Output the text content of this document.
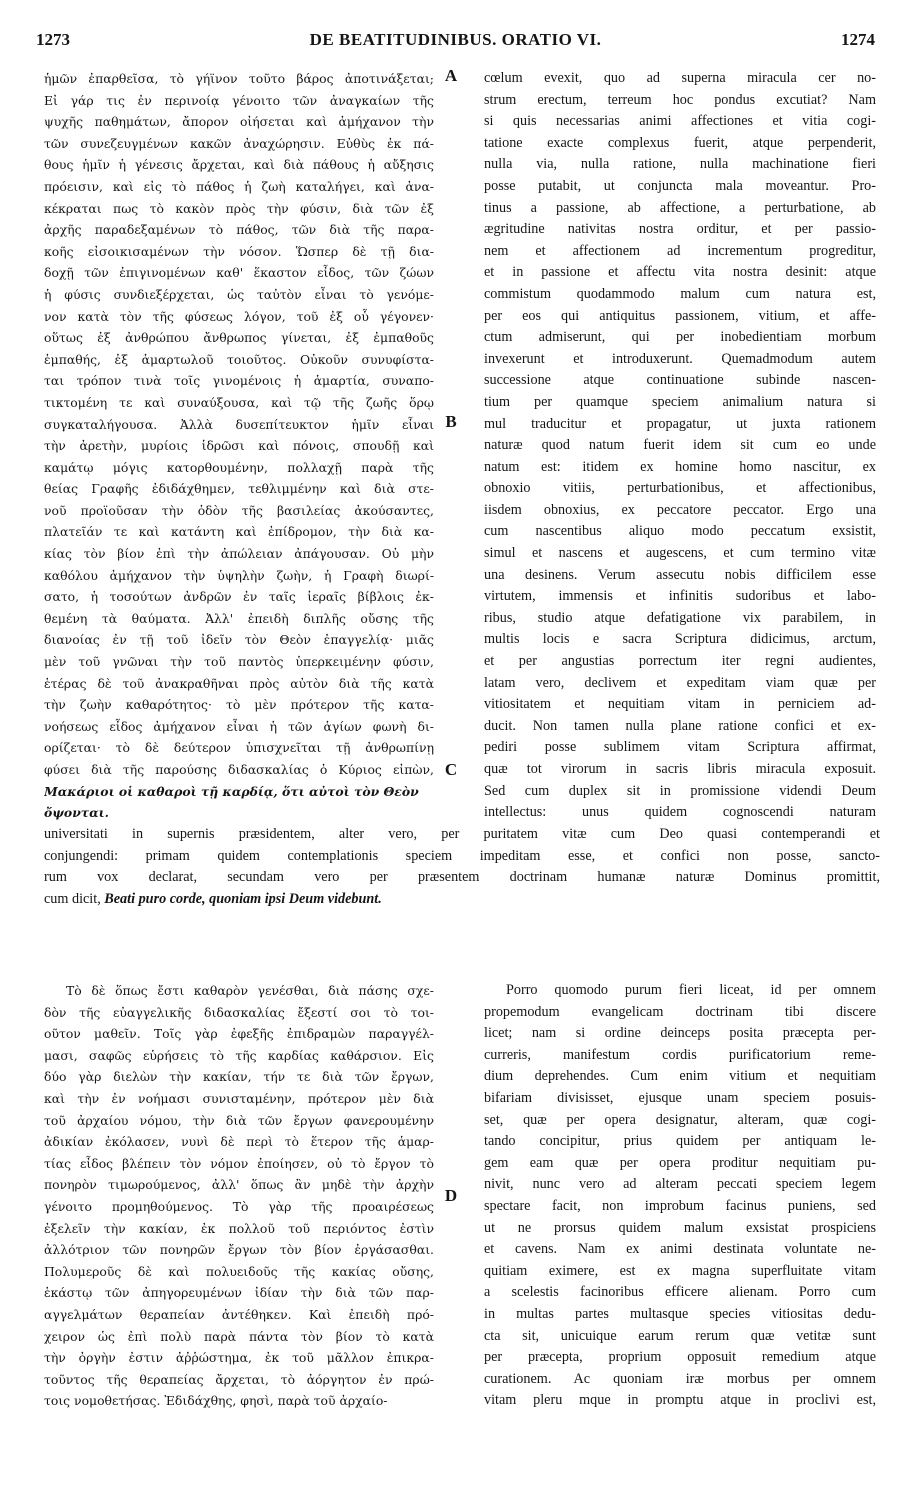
1273	DE BEATITUDINIBUS. ORATIO VI.	1274
A
B
C
D
ἡμῶν ἐπαρθεῖσα, τὸ γήϊνον τοῦτο βάρος ἀποτινάξεται;
Εἰ γάρ τις ἐν περινοίᾳ γένοιτο τῶν ἀναγκαίων τῆς
ψυχῆς παθημάτων, ἄπορον οἰήσεται καὶ ἀμήχανον τὴν
τῶν συνεζευγμένων κακῶν ἀναχώρησιν. Εὐθὺς ἐκ πά-
θους ἡμῖν ἡ γένεσις ἄρχεται, καὶ διὰ πάθους ἡ αὔξησις
πρόεισιν, καὶ εἰς τὸ πάθος ἡ ζωὴ καταλήγει, καὶ ἀνα-
κέκραται πως τὸ κακὸν πρὸς τὴν φύσιν, διὰ τῶν ἐξ
ἀρχῆς παραδεξαμένων τὸ πάθος, τῶν διὰ τῆς παρα-
κοῆς εἰσοικισαμένων τὴν νόσον. Ὥσπερ δὲ τῇ δια-
δοχῇ τῶν ἐπιγινομένων καθ' ἕκαστον εἶδος, τῶν ζώων
ἡ φύσις συνδιεξέρχεται, ὡς ταὐτὸν εἶναι τὸ γενόμε-
νον κατὰ τὸν τῆς φύσεως λόγον, τοῦ ἐξ οὗ γέγονεν·
οὕτως ἐξ ἀνθρώπου ἄνθρωπος γίνεται, ἐξ ἐμπαθοῦς
ἐμπαθής, ἐξ ἁμαρτωλοῦ τοιοῦτος. Οὐκοῦν συνυφίστα-
ται τρόπον τινὰ τοῖς γινομένοις ἡ ἁμαρτία, συναπο-
τικτομένη τε καὶ συναύξουσα, καὶ τῷ τῆς ζωῆς ὅρῳ
συγκαταλήγουσα. Ἀλλὰ δυσεπίτευκτον ἡμῖν εἶναι
τὴν ἀρετὴν, μυρίοις ἱδρῶσι καὶ πόνοις, σπουδῇ καὶ
καμάτῳ μόγις κατορθουμένην, πολλαχῇ παρὰ τῆς
θείας Γραφῆς ἐδιδάχθημεν, τεθλιμμένην καὶ διὰ στε-
νοῦ προϊοῦσαν τὴν ὁδὸν τῆς βασιλείας ἀκούσαντες,
πλατεῖάν τε καὶ κατάντη καὶ ἐπίδρομον, τὴν διὰ κα-
κίας τὸν βίον ἐπὶ τὴν ἀπώλειαν ἀπάγουσαν. Οὐ μὴν
καθόλου ἀμήχανον τὴν ὑψηλὴν ζωὴν, ἡ Γραφὴ διωρί-
σατο, ἡ τοσούτων ἀνδρῶν ἐν ταῖς ἱεραῖς βίβλοις ἐκ-
θεμένη τὰ θαύματα. Ἀλλ' ἐπειδὴ διπλῆς οὔσης τῆς
διανοίας ἐν τῇ τοῦ ἰδεῖν τὸν Θεὸν ἐπαγγελίᾳ· μιᾶς
μὲν τοῦ γνῶναι τὴν τοῦ παντὸς ὑπερκειμένην φύσιν,
ἑτέρας δὲ τοῦ ἀνακραθῆναι πρὸς αὐτὸν διὰ τῆς κατὰ
τὴν ζωὴν καθαρότητος· τὸ μὲν πρότερον τῆς κατα-
νοήσεως εἶδος ἀμήχανον εἶναι ἡ τῶν ἁγίων φωνὴ δι-
ορίζεται· τὸ δὲ δεύτερον ὑπισχνεῖται τῇ ἀνθρωπίνῃ
φύσει διὰ τῆς παρούσης διδασκαλίας ὁ Κύριος εἰπὼν,
Μακάριοι οἱ καθαροὶ τῇ καρδίᾳ, ὅτι αὐτοὶ τὸν Θεὸν
ὄψονται.
cœlum evexit, quo ad superna miracula cer no-
strum erectum, terreum hoc pondus excutiat? Nam
si quis necessarias animi affectiones et vitia cogi-
tatione exacte complexus fuerit, atque perpenderit,
nulla via, nulla ratione, nulla machinatione fieri
posse putabit, ut conjuncta mala moveantur. Pro-
tinus a passione, ab affectione, a perturbatione, ab
ægritudine nativitas nostra orditur, et per passio-
nem et affectionem ad incrementum progreditur,
et in passione et affectu vita nostra desinit: atque
commistum quodammodo malum cum natura est,
per eos qui antiquitus passionem, vitium, et affe-
ctum admiserunt, qui per inobedientiam morbum
invexerunt et introduxerunt. Quemadmodum autem
successione atque continuatione subinde nascen-
tium per quamque speciem animalium natura si
mul traducitur et propagatur, ut juxta rationem
naturæ quod natum fuerit idem sit cum eo unde
natum est: itidem ex homine homo nascitur, ex
obnoxio vitiis, perturbationibus, et affectionibus,
iisdem obnoxius, ex peccatore peccator. Ergo una
cum nascentibus aliquo modo peccatum exsistit,
simul et nascens et augescens, et cum termino vitæ
una desinens. Verum assecutu nobis difficilem esse
virtutem, immensis et infinitis sudoribus et labo-
ribus, studio atque defatigatione vix parabilem, in
multis locis e sacra Scriptura didicimus, arctum,
et per angustias porrectum iter regni audientes,
latam vero, declivem et expeditam viam quæ per
vitiositatem et nequitiam vitam in perniciem ad-
ducit. Non tamen nulla plane ratione confici et ex-
pediri posse sublimem vitam Scriptura affirmat,
quæ tot virorum in sacris libris miracula exposuit.
Sed cum duplex sit in promissione videndi Deum
intellectus: unus quidem cognoscendi naturam
universitati in supernis præsidentem, alter vero, per puritatem vitæ cum Deo quasi contemperandi et
conjungendi: primam quidem contemplationis speciem impeditam esse, et confici non posse, sancto-
rum vox declarat, secundam vero per præsentem doctrinam humanæ naturæ Dominus promittit,
cum dicit, Beati puro corde, quoniam ipsi Deum videbunt.
Τὸ δὲ ὅπως ἔστι καθαρὸν γενέσθαι, διὰ πάσης σχε-
δὸν τῆς εὐαγγελικῆς διδασκαλίας ἔξεστί σοι τὸ τοι-
οῦτον μαθεῖν. Τοῖς γὰρ ἐφεξῆς ἐπιδραμὼν παραγγέλ-
μασι, σαφῶς εὑρήσεις τὸ τῆς καρδίας καθάρσιον. Εἰς
δύο γὰρ διελὼν τὴν κακίαν, τήν τε διὰ τῶν ἔργων,
καὶ τὴν ἐν νοήμασι συνισταμένην, πρότερον μὲν διὰ
τοῦ ἀρχαίου νόμου, τὴν διὰ τῶν ἔργων φανερουμένην
ἀδικίαν ἐκόλασεν, νυνὶ δὲ περὶ τὸ ἕτερον τῆς ἁμαρ-
τίας εἶδος βλέπειν τὸν νόμον ἐποίησεν, οὐ τὸ ἔργον τὸ
πονηρὸν τιμωρούμενος, ἀλλ' ὅπως ἂν μηδὲ τὴν ἀρχὴν
γένοιτο προμηθούμενος. Τὸ γὰρ τῆς προαιρέσεως
ἐξελεῖν τὴν κακίαν, ἐκ πολλοῦ τοῦ περιόντος ἐστὶν
ἀλλότριον τῶν πονηρῶν ἔργων τὸν βίον ἐργάσασθαι.
Πολυμεροῦς δὲ καὶ πολυειδοῦς τῆς κακίας οὔσης,
ἑκάστῳ τῶν ἀπηγορευμένων ἰδίαν τὴν διὰ τῶν παρ-
αγγελμάτων θεραπείαν ἀντέθηκεν. Καὶ ἐπειδὴ πρό-
χειρον ὡς ἐπὶ πολὺ παρὰ πάντα τὸν βίον τὸ κατὰ
τὴν ὀργὴν ἐστιν ἀῤῥώστημα, ἐκ τοῦ μᾶλλον ἐπικρα-
τοῦντος τῆς θεραπείας ἄρχεται, τὸ ἀόργητον ἐν πρώ-
τοις νομοθετήσας. Ἐδιδάχθης, φησὶ, παρὰ τοῦ ἀρχαίο-
Porro quomodo purum fieri liceat, id per omnem
propemodum evangelicam doctrinam tibi discere
licet; nam si ordine deinceps posita præcepta per-
curreris, manifestum cordis purificatorium reme-
dium deprehendes. Cum enim vitium et nequitiam
bifariam divisisset, ejusque unam speciem posuis-
set, quæ per opera designatur, alteram, quæ cogi-
tando concipitur, prius quidem per antiquam le-
gem eam quæ per opera proditur nequitiam pu-
nivit, nunc vero ad alteram peccati speciem legem
spectare facit, non improbum facinus puniens, sed
ut ne prorsus quidem malum exsistat prospiciens
et cavens. Nam ex animi destinata voluntate ne-
quitiam eximere, est ex magna superfluitate vitam
a scelestis facinoribus efficere alienam. Porro cum
in multas partes multasque species vitiositas dedu-
cta sit, unicuique earum rerum quæ vetitæ sunt
per præcepta, proprium opposuit remedium atque
curationem. Ac quoniam iræ morbus per omnem
vitam pleru mque in promptu atque in proclivi est,
